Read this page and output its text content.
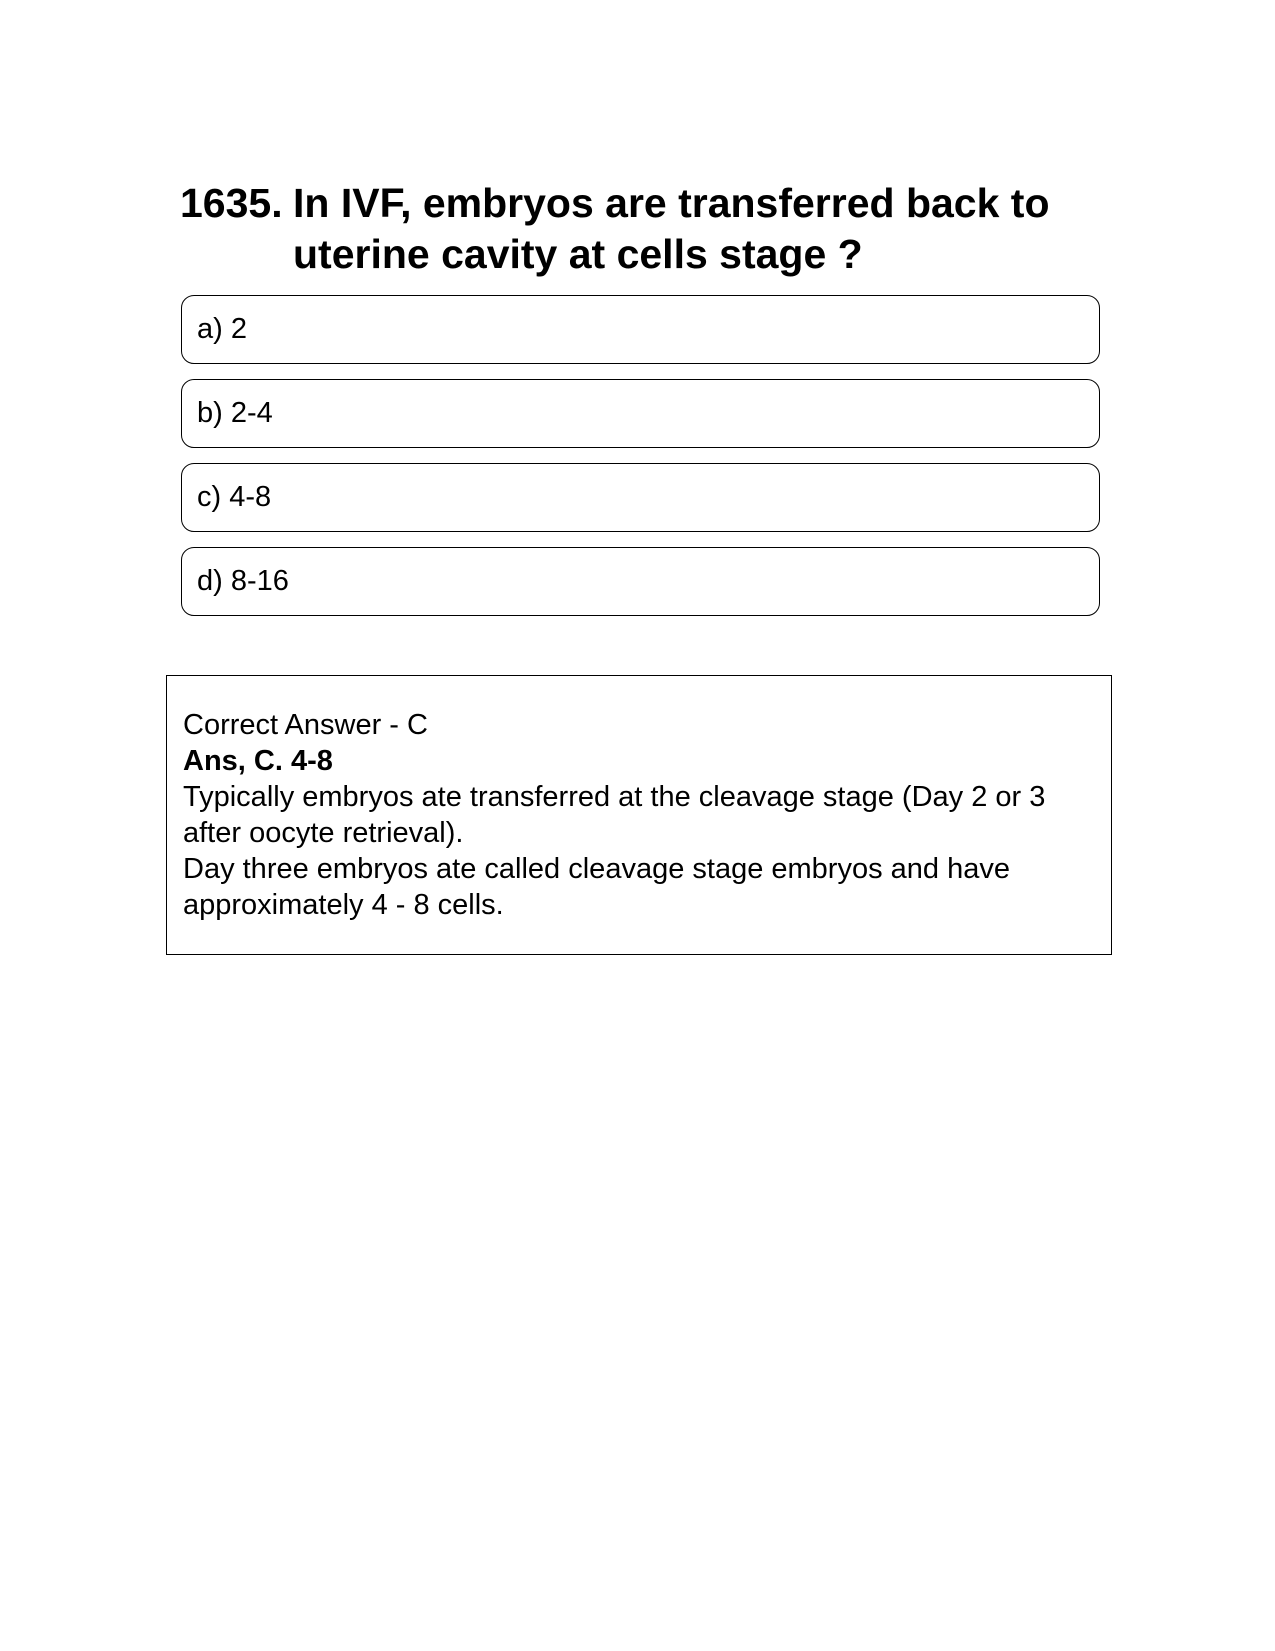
1635. In IVF, embryos are transferred back to uterine cavity at cells stage ?
a) 2
b) 2-4
c) 4-8
d) 8-16

Correct Answer - C

Ans, C. 4-8

Typically embryos ate transferred at the cleavage stage (Day 2 or 3 after oocyte retrieval).

Day three embryos ate called cleavage stage embryos and have approximately 4 - 8 cells.
